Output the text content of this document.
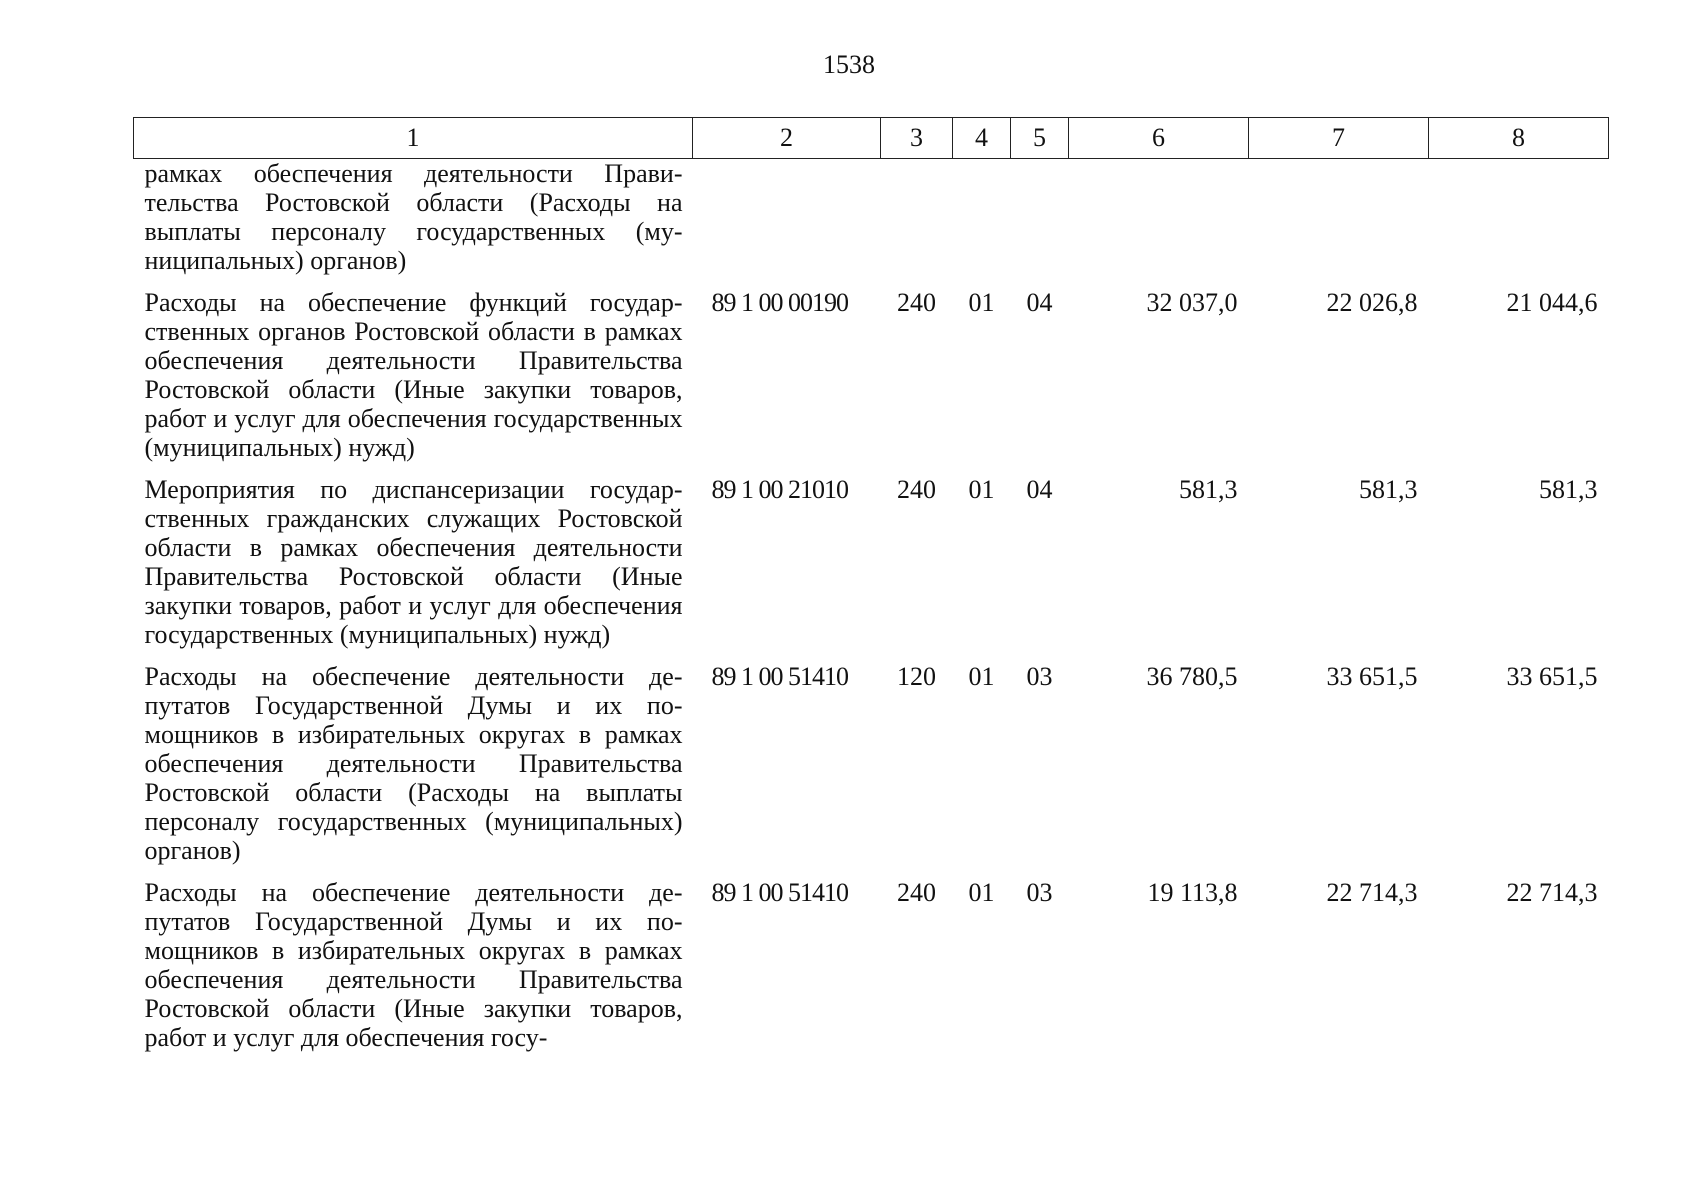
1538
1	2	3	4	5	6	7	8
рамках обеспечения деятельности Правительства Ростовской области (Расходы на выплаты персоналу государственных (муниципальных) органов)							
Расходы на обеспечение функций государственных органов Ростовской области в рамках обеспечения деятельности Правительства Ростовской области (Иные закупки товаров, работ и услуг для обеспечения государственных (муниципальных) нужд)	89 1 00 00190	240	01	04	32 037,0	22 026,8	21 044,6
Мероприятия по диспансеризации государственных гражданских служащих Ростовской области в рамках обеспечения деятельности Правительства Ростовской области (Иные закупки товаров, работ и услуг для обеспечения государственных (муниципальных) нужд)	89 1 00 21010	240	01	04	581,3	581,3	581,3
Расходы на обеспечение деятельности депутатов Государственной Думы и их помощников в избирательных округах в рамках обеспечения деятельности Правительства Ростовской области (Расходы на выплаты персоналу государственных (муниципальных) органов)	89 1 00 51410	120	01	03	36 780,5	33 651,5	33 651,5
Расходы на обеспечение деятельности депутатов Государственной Думы и их помощников в избирательных округах в рамках обеспечения деятельности Правительства Ростовской области (Иные закупки товаров, работ и услуг для обеспечения госу-	89 1 00 51410	240	01	03	19 113,8	22 714,3	22 714,3
